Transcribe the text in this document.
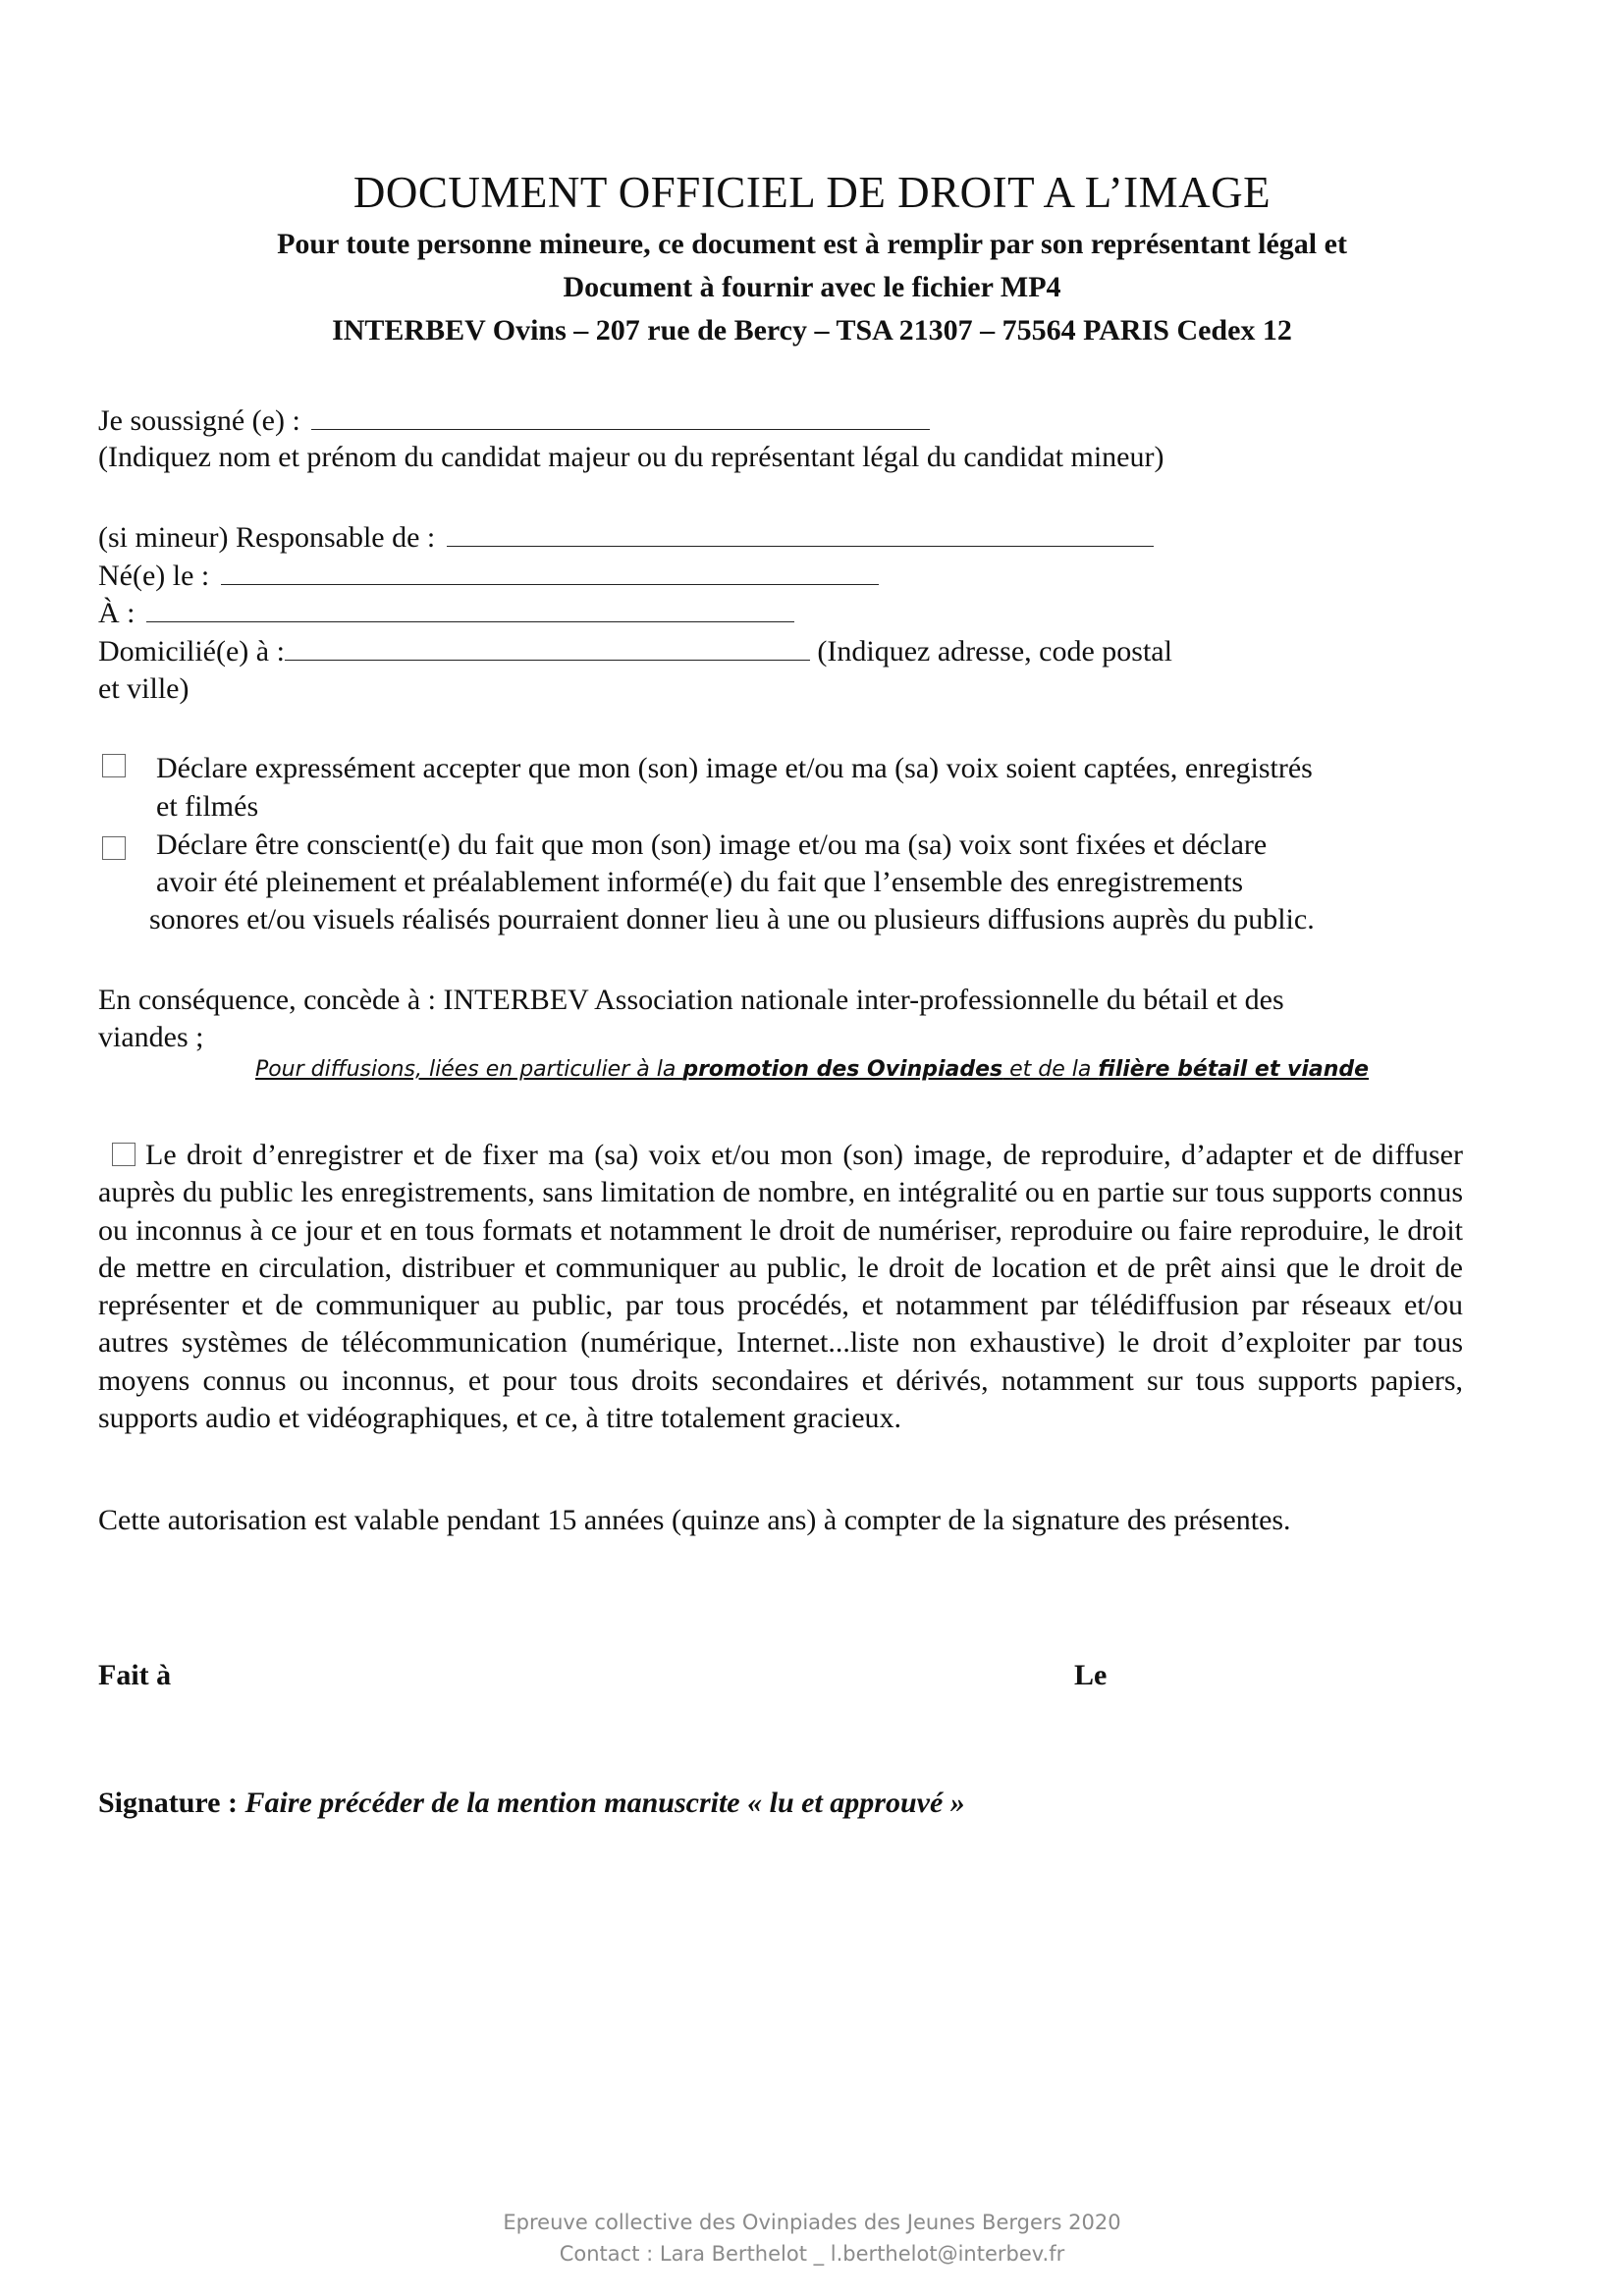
DOCUMENT OFFICIEL DE DROIT A L’IMAGE
Pour toute personne mineure, ce document est à remplir par son représentant légal et
Document à fournir avec le fichier MP4
INTERBEV Ovins – 207 rue de Bercy – TSA 21307 – 75564 PARIS Cedex 12
Je soussigné (e) :
(Indiquez nom et prénom du candidat majeur ou du représentant légal du candidat mineur)
(si mineur) Responsable de :
Né(e) le :
À :
Domicilié(e) à :	(Indiquez adresse, code postal
et ville)
Déclare expressément accepter que mon (son) image et/ou ma (sa) voix soient captées, enregistrés
et filmés
Déclare être conscient(e) du fait que mon (son) image et/ou ma (sa) voix sont fixées et déclare
avoir été pleinement et préalablement informé(e) du fait que l’ensemble des enregistrements
sonores et/ou visuels réalisés pourraient donner lieu à une ou plusieurs diffusions auprès du public.
En conséquence, concède à : INTERBEV Association nationale inter-professionnelle du bétail et des
viandes ;
Pour diffusions, liées en particulier à la promotion des Ovinpiades et de la filière bétail et viande
Le droit d’enregistrer et de fixer ma (sa) voix et/ou mon (son) image, de reproduire, d’adapter et de diffuser auprès du public les enregistrements, sans limitation de nombre, en intégralité ou en partie sur tous supports connus ou inconnus à ce jour et en tous formats et notamment le droit de numériser, reproduire ou faire reproduire, le droit de mettre en circulation, distribuer et communiquer au public, le droit de location et de prêt ainsi que le droit de représenter et de communiquer au public, par tous procédés, et notamment par télédiffusion par réseaux et/ou autres systèmes de télécommunication (numérique, Internet...liste non exhaustive) le droit d’exploiter par tous moyens connus ou inconnus, et pour tous droits secondaires et dérivés, notamment sur tous supports papiers, supports audio et vidéographiques, et ce, à titre totalement gracieux.
Cette autorisation est valable pendant 15 années (quinze ans) à compter de la signature des présentes.
Fait à	Le
Signature : Faire précéder de la mention manuscrite « lu et approuvé »
Epreuve collective des Ovinpiades des Jeunes Bergers 2020
Contact : Lara Berthelot _ l.berthelot@interbev.fr
